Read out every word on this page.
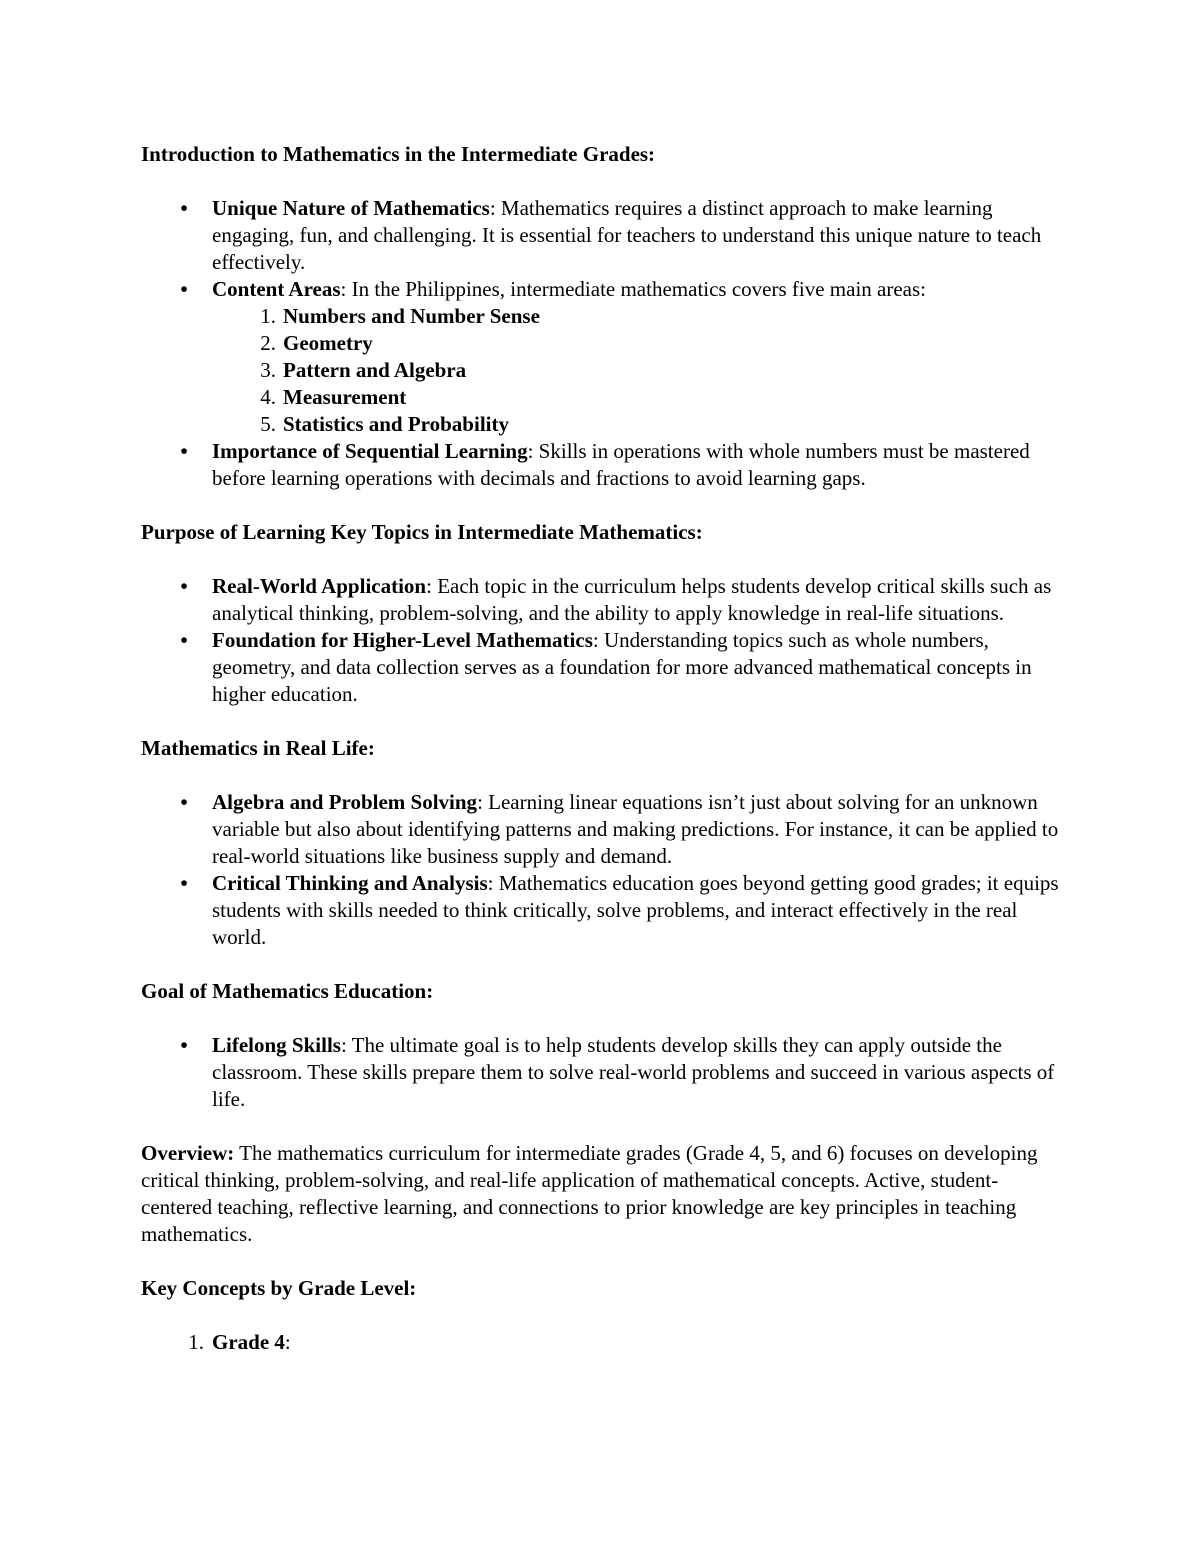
Introduction to Mathematics in the Intermediate Grades:

•	Unique Nature of Mathematics: Mathematics requires a distinct approach to make learning engaging, fun, and challenging. It is essential for teachers to understand this unique nature to teach effectively.
•	Content Areas: In the Philippines, intermediate mathematics covers five main areas:
1. Numbers and Number Sense
2. Geometry
3. Pattern and Algebra
4. Measurement
5. Statistics and Probability
•	Importance of Sequential Learning: Skills in operations with whole numbers must be mastered before learning operations with decimals and fractions to avoid learning gaps.

Purpose of Learning Key Topics in Intermediate Mathematics:

•	Real-World Application: Each topic in the curriculum helps students develop critical skills such as analytical thinking, problem-solving, and the ability to apply knowledge in real-life situations.
•	Foundation for Higher-Level Mathematics: Understanding topics such as whole numbers, geometry, and data collection serves as a foundation for more advanced mathematical concepts in higher education.

Mathematics in Real Life:

•	Algebra and Problem Solving: Learning linear equations isn’t just about solving for an unknown variable but also about identifying patterns and making predictions. For instance, it can be applied to real-world situations like business supply and demand.
•	Critical Thinking and Analysis: Mathematics education goes beyond getting good grades; it equips students with skills needed to think critically, solve problems, and interact effectively in the real world.

Goal of Mathematics Education:

•	Lifelong Skills: The ultimate goal is to help students develop skills they can apply outside the classroom. These skills prepare them to solve real-world problems and succeed in various aspects of life.

Overview: The mathematics curriculum for intermediate grades (Grade 4, 5, and 6) focuses on developing critical thinking, problem-solving, and real-life application of mathematical concepts. Active, student-centered teaching, reflective learning, and connections to prior knowledge are key principles in teaching mathematics.

Key Concepts by Grade Level:

1. Grade 4:
